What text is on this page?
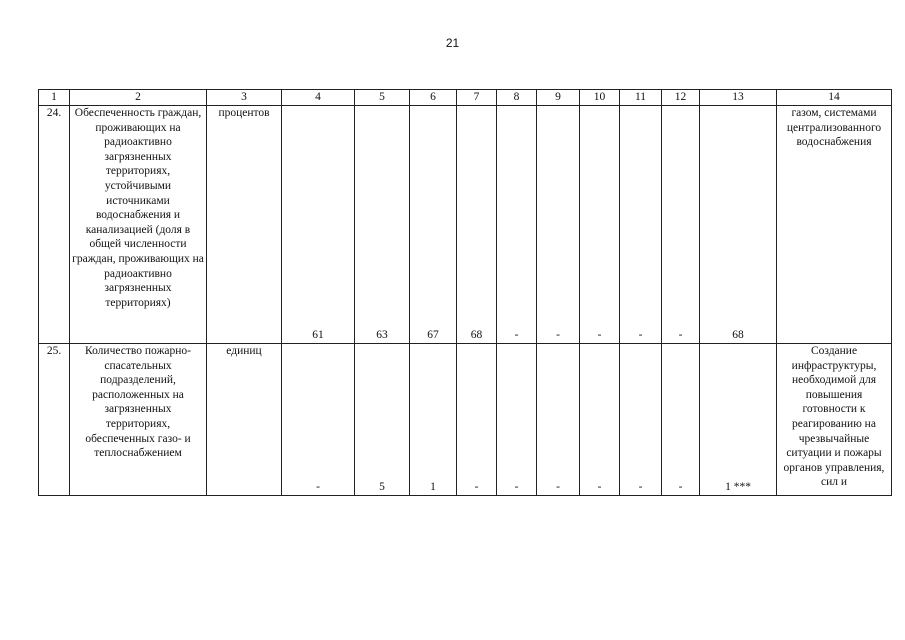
21
1	2	3	4	5	6	7	8	9	10	11	12	13	14
24.	Обеспеченность граждан, проживающих на радиоактивно загрязненных территориях, устойчивыми источниками водоснабжения и канализацией (доля в общей численности граждан, проживающих на радиоактивно загрязненных территориях)	процентов	61	63	67	68	-	-	-	-	-	68	газом, системами централизованного водоснабжения
25.	Количество пожарно-спасательных подразделений, расположенных на загрязненных территориях, обеспеченных газо- и теплоснабжением	единиц	-	5	1	-	-	-	-	-	-	1 ***	Создание инфраструктуры, необходимой для повышения готовности к реагированию на чрезвычайные ситуации и пожары органов управления, сил и
